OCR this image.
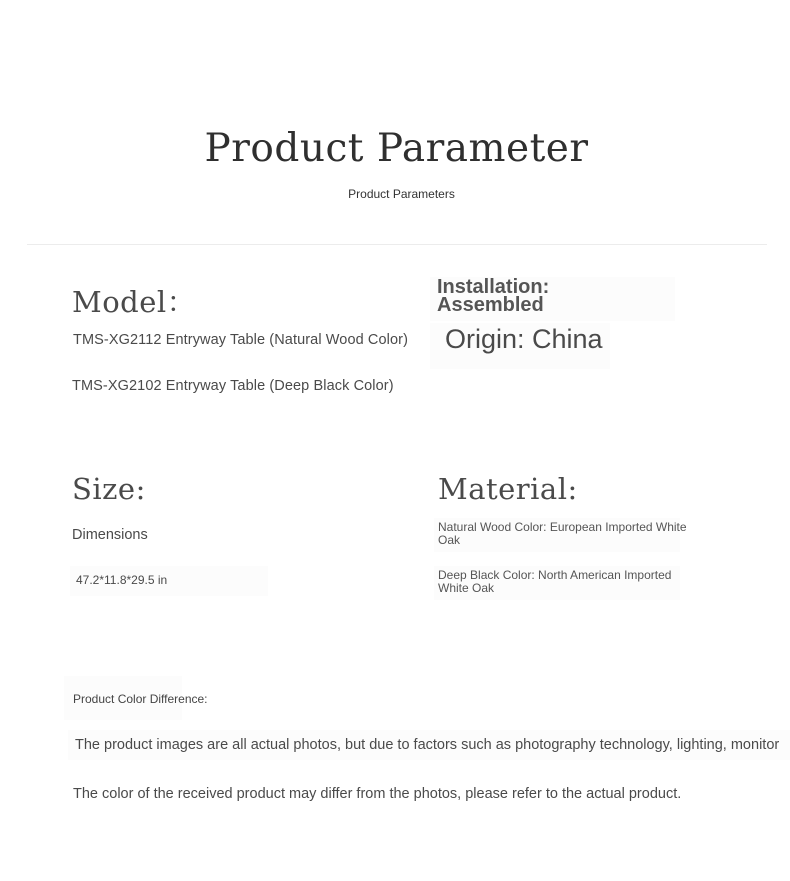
Product Parameter
Product Parameters
Model：
TMS-XG2112 Entryway Table (Natural Wood Color)
TMS-XG2102 Entryway Table (Deep Black Color)
Installation: Assembled
Origin: China
Size:
Dimensions
47.2*11.8*29.5 in
Material:
Natural Wood Color: European Imported White Oak
Deep Black Color: North American Imported White Oak
Product Color Difference:
The product images are all actual photos, but due to factors such as photography technology, lighting, monitor
The color of the received product may differ from the photos, please refer to the actual product.
